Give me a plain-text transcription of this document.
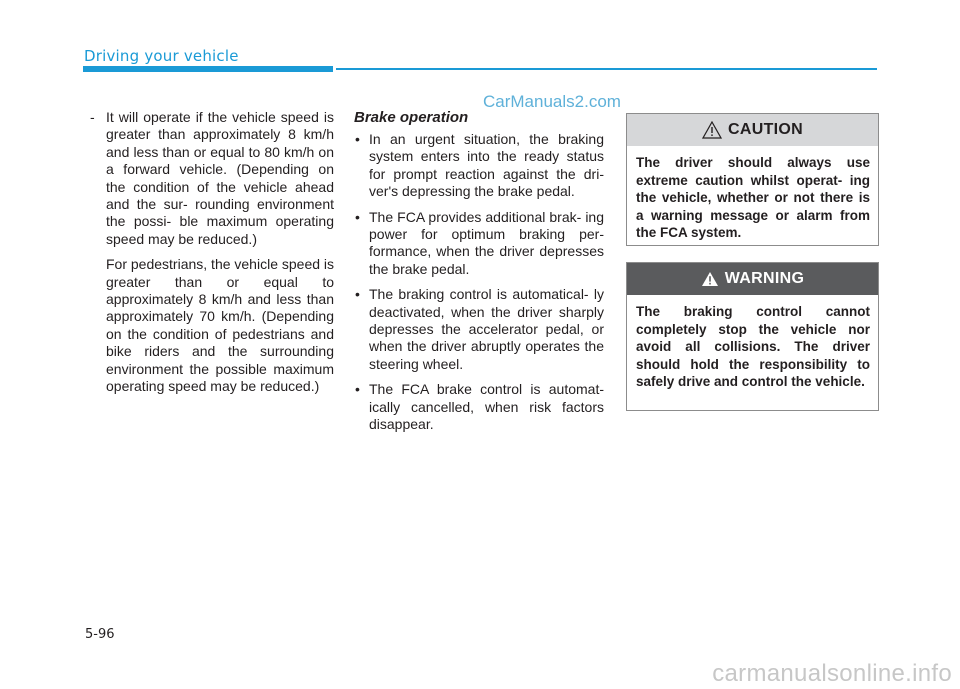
Driving your vehicle
CarManuals2.com
- It will operate if the vehicle speed is greater than approximately 8 km/h and less than or equal to 80 km/h on a forward vehicle. (Depending on the condition of the vehicle ahead and the sur- rounding environment the possi- ble maximum operating speed may be reduced.)
For pedestrians, the vehicle speed is greater than or equal to approximately 8 km/h and less than approximately 70 km/h. (Depending on the condition of pedestrians and bike riders and the surrounding environment the possible maximum operating speed may be reduced.)
Brake operation
• In an urgent situation, the braking system enters into the ready status for prompt reaction against the dri- ver's depressing the brake pedal.
• The FCA provides additional brak- ing power for optimum braking per- formance, when the driver depresses the brake pedal.
• The braking control is automatical- ly deactivated, when the driver sharply depresses the accelerator pedal, or when the driver abruptly operates the steering wheel.
• The FCA brake control is automat- ically cancelled, when risk factors disappear.
CAUTION
The driver should always use extreme caution whilst operat- ing the vehicle, whether or not there is a warning message or alarm from the FCA system.
WARNING
The braking control cannot completely stop the vehicle nor avoid all collisions. The driver should hold the responsibility to safely drive and control the vehicle.
5-96
carmanualsonline.info
